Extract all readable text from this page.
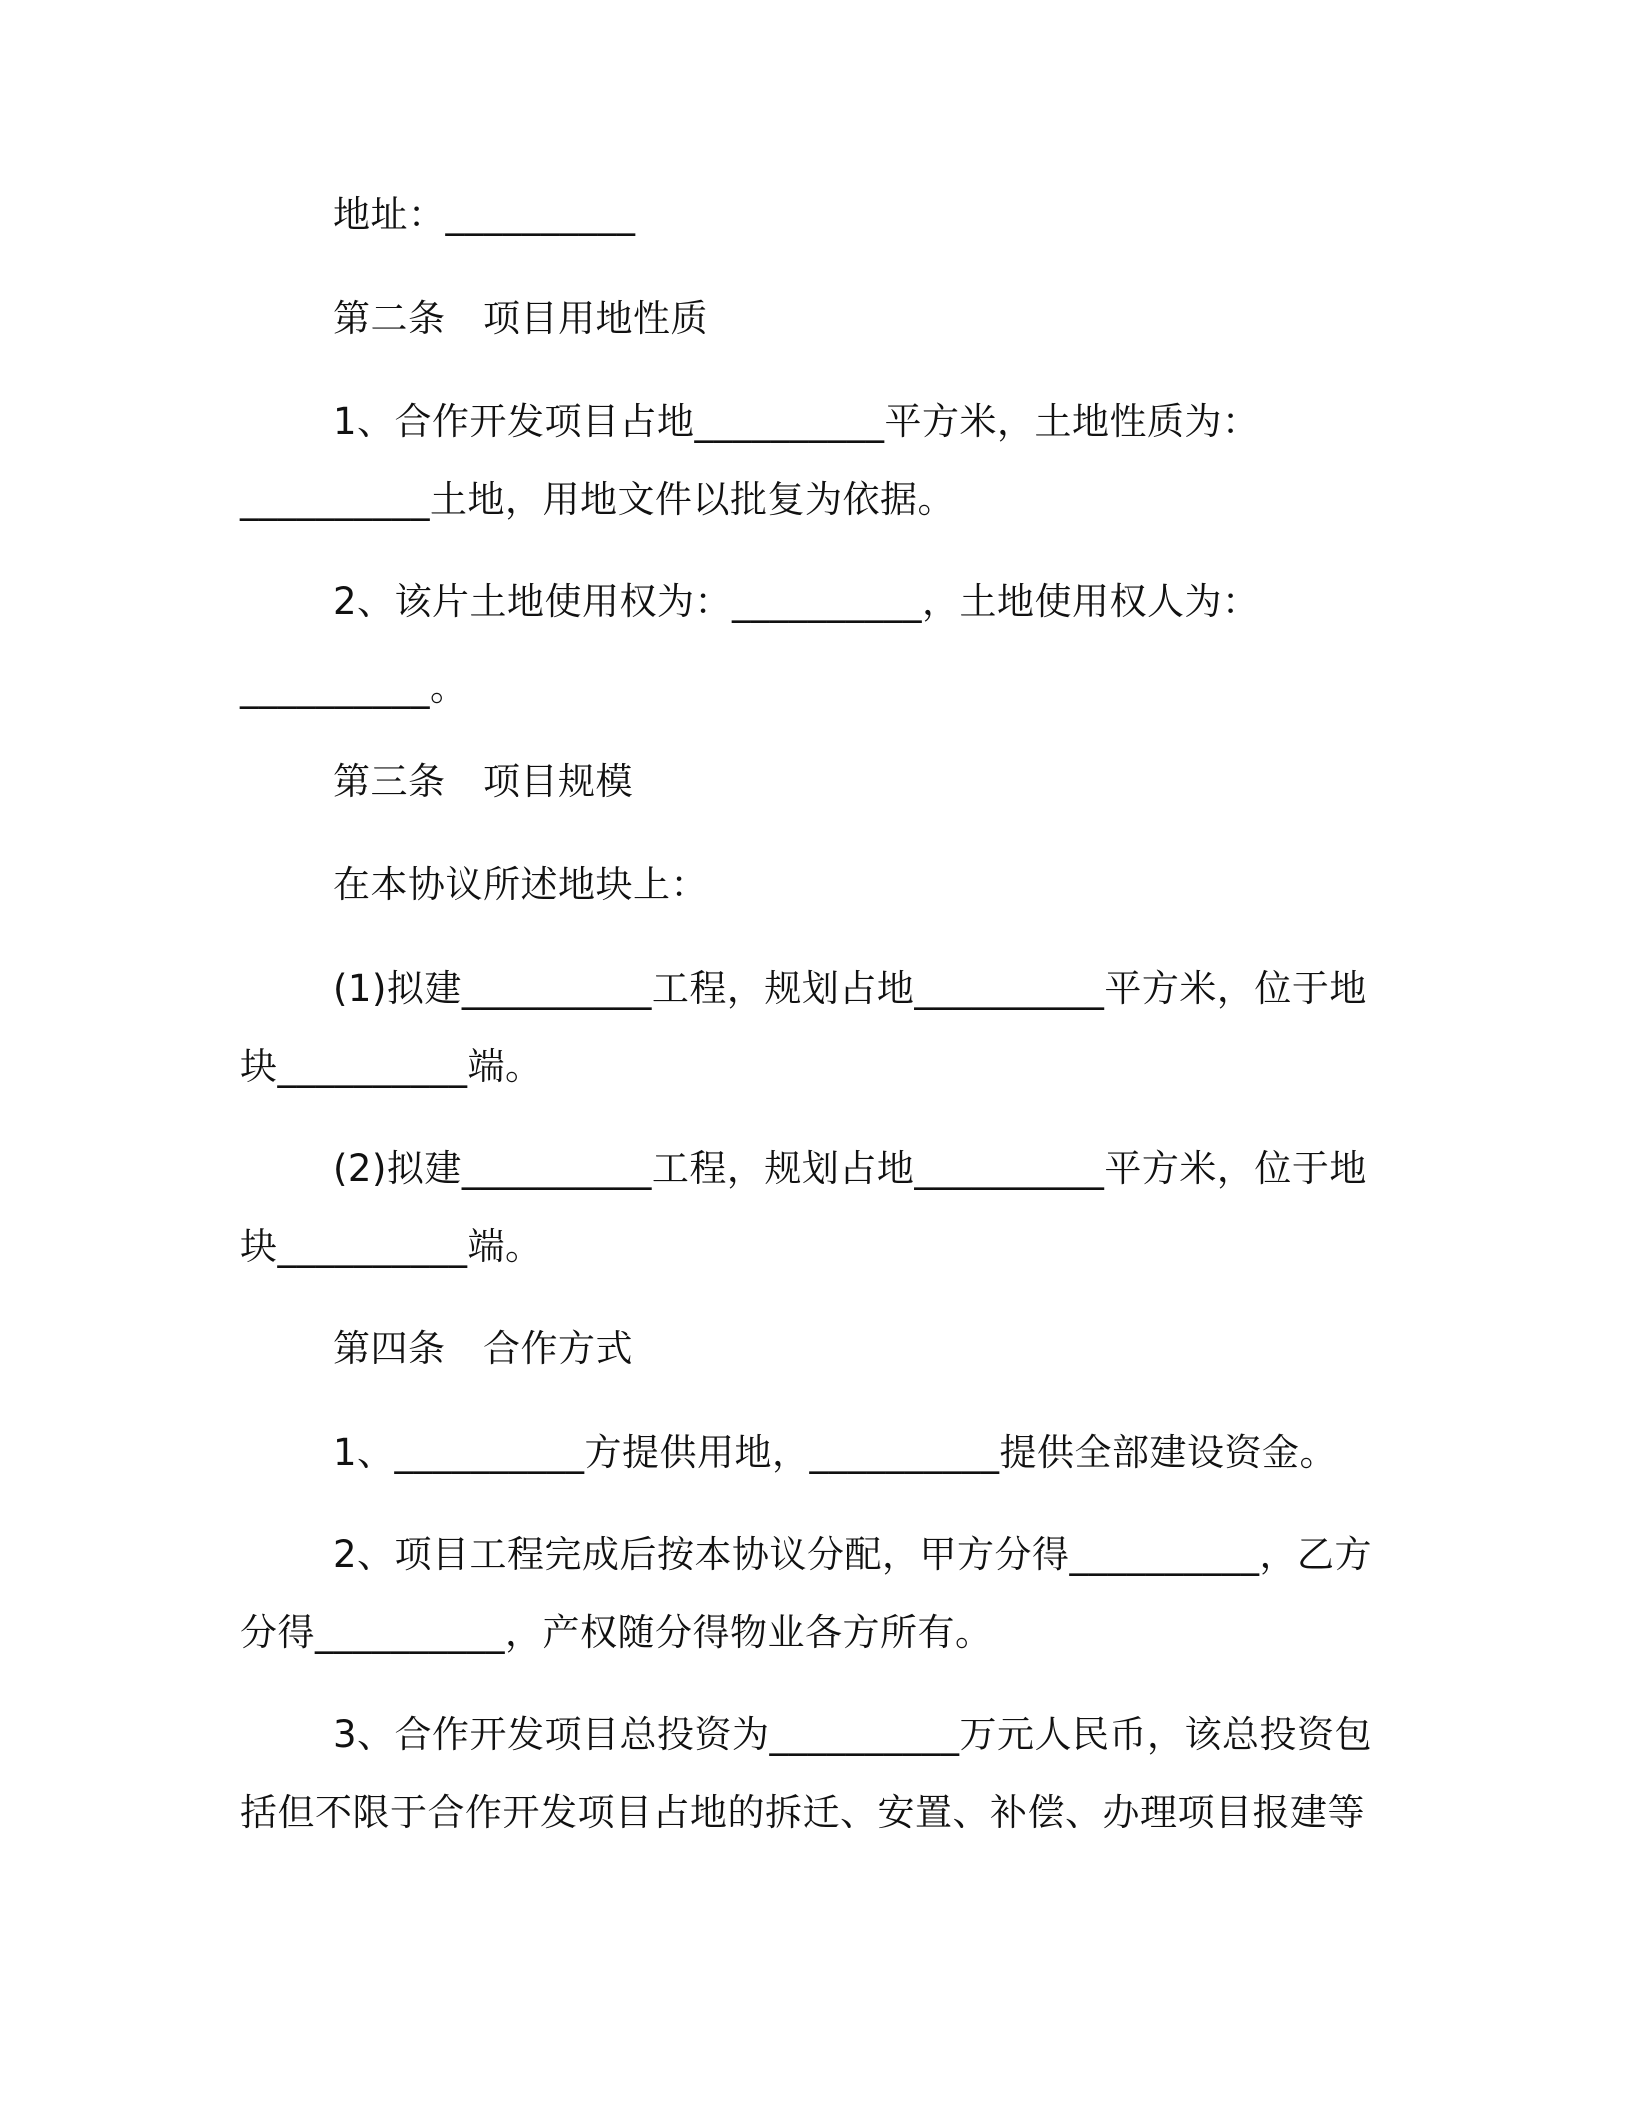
地址：__________
第二条　项目用地性质
1、合作开发项目占地__________平方米，土地性质为：
__________土地，用地文件以批复为依据。
2、该片土地使用权为：__________，土地使用权人为：
__________。
第三条　项目规模
在本协议所述地块上：
(1)拟建__________工程，规划占地__________平方米，位于地
块__________端。
(2)拟建__________工程，规划占地__________平方米，位于地
块__________端。
第四条　合作方式
1、__________方提供用地，__________提供全部建设资金。
2、项目工程完成后按本协议分配，甲方分得__________，乙方
分得__________，产权随分得物业各方所有。
3、合作开发项目总投资为__________万元人民币，该总投资包
括但不限于合作开发项目占地的拆迁、安置、补偿、办理项目报建等
